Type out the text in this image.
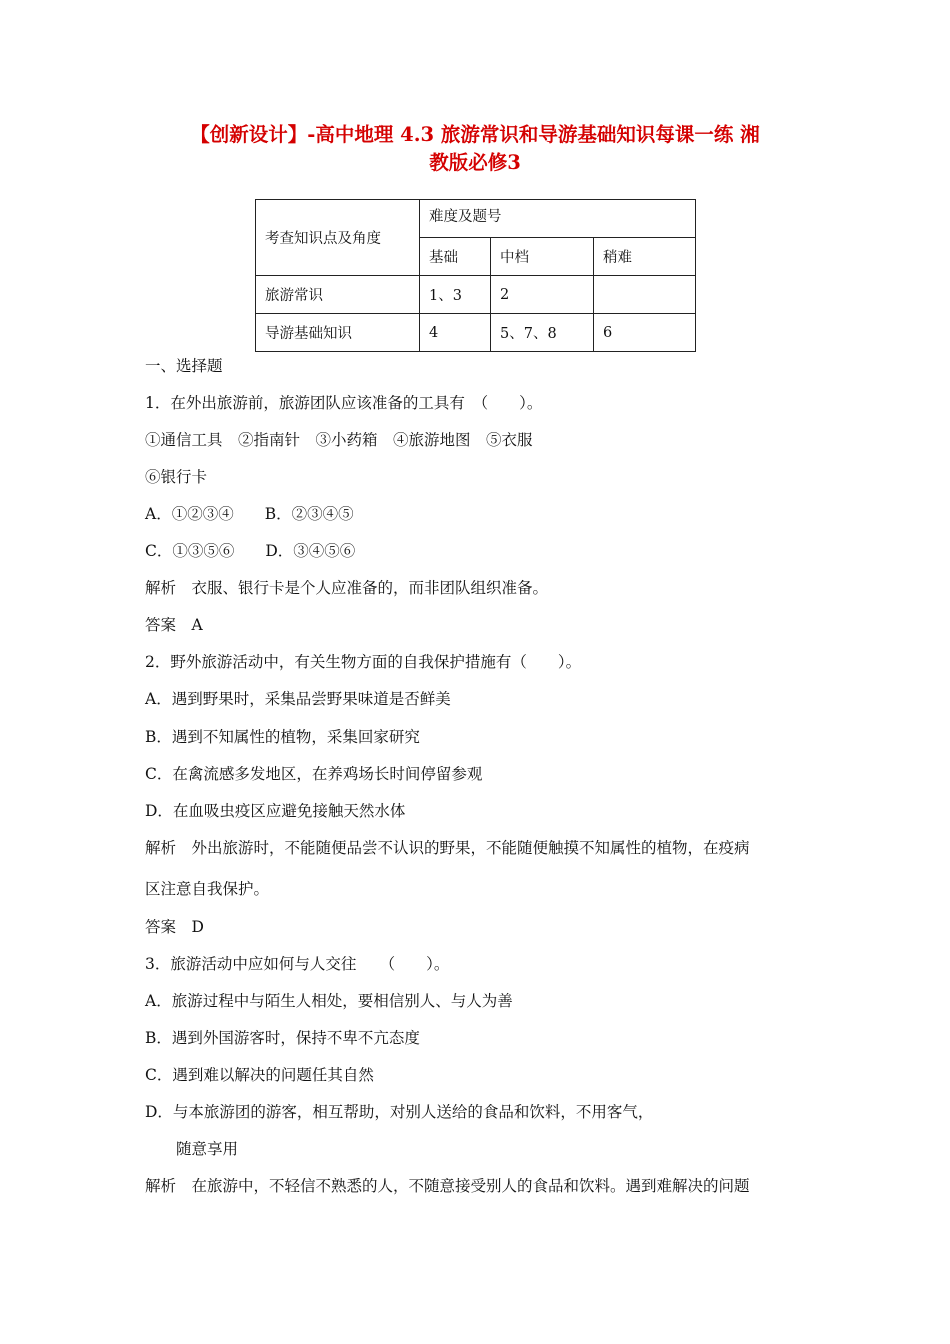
【创新设计】-高中地理 4.3 旅游常识和导游基础知识每课一练 湘
教版必修3
考查知识点及角度	难度及题号		
	基础	中档	稍难
旅游常识	1、3	2	
导游基础知识	4	5、7、8	6

一、选择题

1．在外出旅游前，旅游团队应该准备的工具有　（　　）。

①通信工具　②指南针　③小药箱　④旅游地图　⑤衣服

⑥银行卡

A．①②③④　　B．②③④⑤

C．①③⑤⑥　　D．③④⑤⑥

解析　衣服、银行卡是个人应准备的，而非团队组织准备。

答案　A

2．野外旅游活动中，有关生物方面的自我保护措施有（　　）。

A．遇到野果时，采集品尝野果味道是否鲜美

B．遇到不知属性的植物，采集回家研究

C．在禽流感多发地区，在养鸡场长时间停留参观

D．在血吸虫疫区应避免接触天然水体

解析　外出旅游时，不能随便品尝不认识的野果，不能随便触摸不知属性的植物，在疫病

区注意自我保护。

答案　D

3．旅游活动中应如何与人交往　　（　　）。

A．旅游过程中与陌生人相处，要相信别人、与人为善

B．遇到外国游客时，保持不卑不亢态度

C．遇到难以解决的问题任其自然

D．与本旅游团的游客，相互帮助，对别人送给的食品和饮料，不用客气，

随意享用

解析　在旅游中，不轻信不熟悉的人，不随意接受别人的食品和饮料。遇到难解决的问题
